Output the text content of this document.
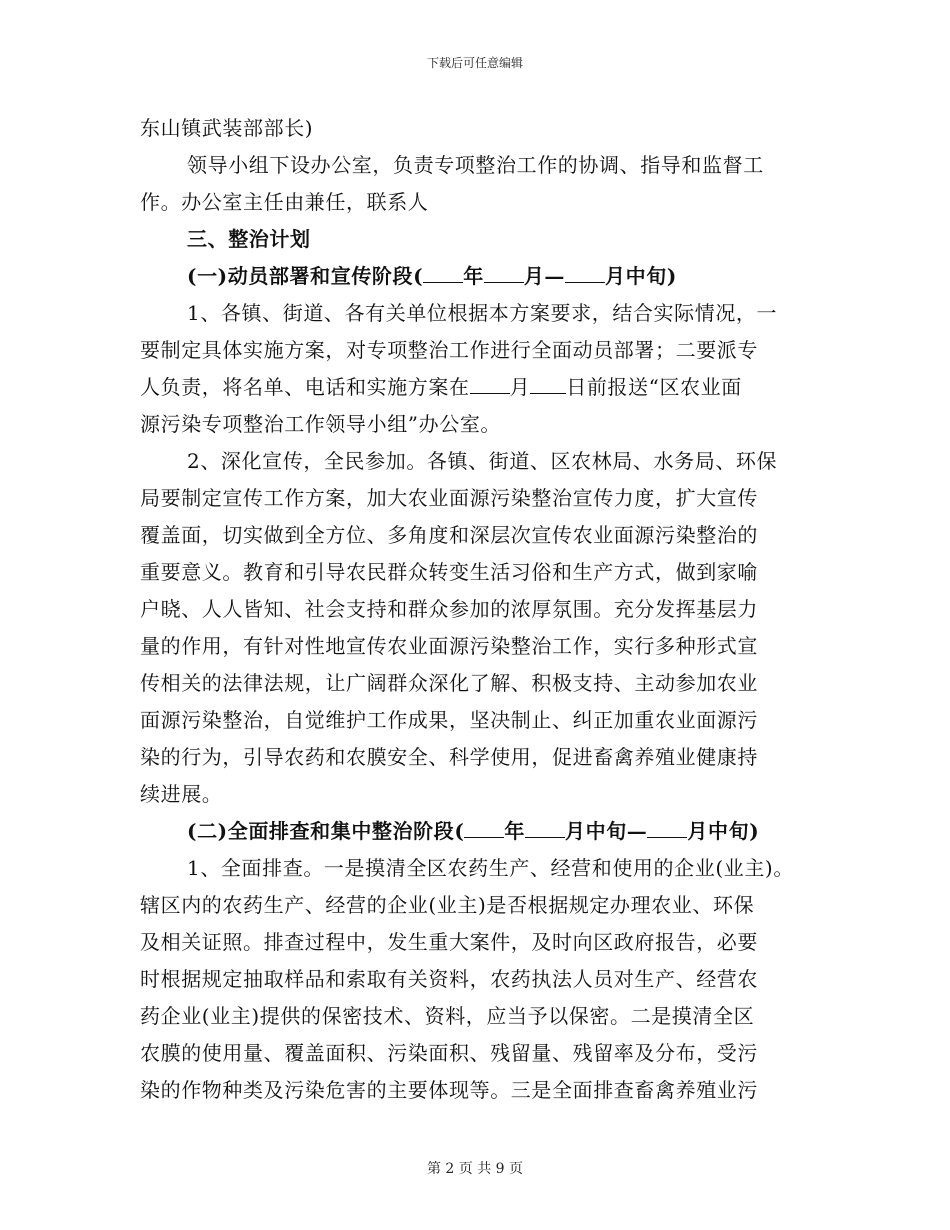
下载后可任意编辑
东山镇武装部部长)
领导小组下设办公室，负责专项整治工作的协调、指导和监督工
作。办公室主任由兼任，联系人
三、整治计划
(一)动员部署和宣传阶段( 年 月— 月中旬)
1、各镇、街道、各有关单位根据本方案要求，结合实际情况，一
要制定具体实施方案，对专项整治工作进行全面动员部署；二要派专
人负责，将名单、电话和实施方案在 月 日前报送“区农业面
源污染专项整治工作领导小组”办公室。
2、深化宣传，全民参加。各镇、街道、区农林局、水务局、环保
局要制定宣传工作方案，加大农业面源污染整治宣传力度，扩大宣传
覆盖面，切实做到全方位、多角度和深层次宣传农业面源污染整治的
重要意义。教育和引导农民群众转变生活习俗和生产方式，做到家喻
户晓、人人皆知、社会支持和群众参加的浓厚氛围。充分发挥基层力
量的作用，有针对性地宣传农业面源污染整治工作，实行多种形式宣
传相关的法律法规，让广阔群众深化了解、积极支持、主动参加农业
面源污染整治，自觉维护工作成果，坚决制止、纠正加重农业面源污
染的行为，引导农药和农膜安全、科学使用，促进畜禽养殖业健康持
续进展。
(二)全面排查和集中整治阶段( 年 月中旬— 月中旬)
1、全面排查。一是摸清全区农药生产、经营和使用的企业(业主)。
辖区内的农药生产、经营的企业(业主)是否根据规定办理农业、环保
及相关证照。排查过程中，发生重大案件，及时向区政府报告，必要
时根据规定抽取样品和索取有关资料，农药执法人员对生产、经营农
药企业(业主)提供的保密技术、资料，应当予以保密。二是摸清全区
农膜的使用量、覆盖面积、污染面积、残留量、残留率及分布，受污
染的作物种类及污染危害的主要体现等。三是全面排查畜禽养殖业污
第 2 页 共 9 页
